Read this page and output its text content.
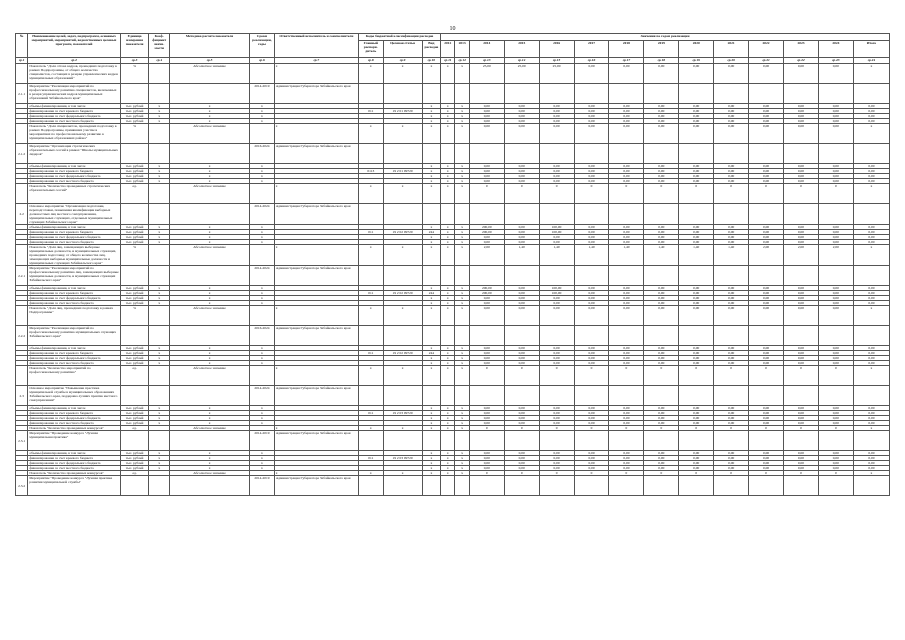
10
№	Наименование целей, задач, подпрограмм, основных мероприятий, мероприятий, ведомственных целевых программ, показателей	Единица измерения показателя	Коэф-фициент значи-мости	Методика расчета показателя	Сроки реализации, годы	Ответственный исполнитель и соисполнители	Коды бюджетной классификации расходов			Значения по годам реализации													
							Главный распоря-дитель	Целевая статья	Вид расходов	2012	2013	2014	2015	2016	2017	2018	2019	2020	2021	2022	2023	2024	Итого
гр.1	гр.2	гр.3	гр.4	гр.5	гр.6	гр.7	гр.8	гр.9	гр.10	гр.11	гр.12	гр.13	гр.14	гр.15	гр.16	гр.17	гр.18	гр.19	гр.20	гр.21	гр.22	гр.23	гр.24
	Показатель "Доля оттока кадров, прошедших подготовку в рамках Подпрограммы, от общего количества специалистов, состоящих в резерве управленческих кадров муниципальных образований"	%		Абсолютное значение		х	х	х	х	х	х	25,00	25,00	25,00	0,00	0,00	0,00	0,00	0,00	0,00	0,00	0,00	х
2.1.1	Мероприятие "Реализация мероприятий по профессиональному развитию специалистов, включенных в резерв управленческих кадров муниципальных образований Забайкальского края"				2014-2019	Администрация Губернатора Забайкальского края																	
	объемы финансирования, в том числе	тыс. рублей	х	х	х				х	х	х	0,00	0,00	0,00	0,00	0,00	0,00	0,00	0,00	0,00	0,00	0,00	0,00
	финансирование за счет краевого бюджета	тыс. рублей	х	х	х		011	19 2 01 09720	х	х	х	0,00	0,00	0,00	0,00	0,00	0,00	0,00	0,00	0,00	0,00	0,00	0,00
	финансирование за счет федерального бюджета	тыс. рублей	х	х	х				х	х	х	0,00	0,00	0,00	0,00	0,00	0,00	0,00	0,00	0,00	0,00	0,00	0,00
	финансирование за счет местного бюджета	тыс. рублей	х	х	х				х	х	х	0,00	0,00	0,00	0,00	0,00	0,00	0,00	0,00	0,00	0,00	0,00	0,00
	Показатель "Доля специалистов, прошедших подготовку в рамках Подпрограммы, принявших участие в мероприятиях по профессиональному развитию в муниципальных образованиях района"	%		Абсолютное значение		х	х	х	х	х	х	0,00	0,00	0,00	0,00	0,00	0,00	0,00	0,00	0,00	0,00	0,00	х
2.1.2	Мероприятие "Организация стратегических образовательных сессий в рамках "Школы муниципальных лидеров"				2016-2024	Администрация Губернатора Забайкальского края																	
	объемы финансирования, в том числе	тыс. рублей	х	х	х				х	х	х	0,00	0,00	0,00	0,00	0,00	0,00	0,00	0,00	0,00	0,00	0,00	0,00
	финансирование за счет краевого бюджета	тыс. рублей	х	х	х		0113	19 2 01 09720	х	х	х	0,00	0,00	0,00	0,00	0,00	0,00	0,00	0,00	0,00	0,00	0,00	0,00
	финансирование за счет федерального бюджета	тыс. рублей	х	х	х				х	х	х	0,00	0,00	0,00	0,00	0,00	0,00	0,00	0,00	0,00	0,00	0,00	0,00
	финансирование за счет местного бюджета	тыс. рублей	х	х	х				х	х	х	0,00	0,00	0,00	0,00	0,00	0,00	0,00	0,00	0,00	0,00	0,00	0,00
	Показатель "Количество проведенных стратегических образовательных сессий"	ед.		Абсолютное значение		х	х	х	х	х	х	0	0	0	0	0	0	0	0	0	0	0	х
2.2	Основное мероприятие "Организация подготовки, переподготовки, повышения квалификации выборных должностных лиц местного самоуправления, муниципальных служащих, отдельных муниципальных служащих Забайкальского края"				2014-2024	Администрация Губернатора Забайкальского края																	
	объемы финансирования, в том числе	тыс. рублей	х	х	х				х	х	х	200,00	0,00	100,00	0,00	0,00	0,00	0,00	0,00	0,00	0,00	0,00	0,00
	финансирование за счет краевого бюджета	тыс. рублей	х	х	х		011	19 2 02 09720	244	х	х	200,00	0,00	100,00	0,00	0,00	0,00	0,00	0,00	0,00	0,00	0,00	0,00
	финансирование за счет федерального бюджета	тыс. рублей	х	х	х				х	х	х	0,00	0,00	0,00	0,00	0,00	0,00	0,00	0,00	0,00	0,00	0,00	0,00
	финансирование за счет местного бюджета	тыс. рублей	х	х	х				х	х	х	0,00	0,00	0,00	0,00	0,00	0,00	0,00	0,00	0,00	0,00	0,00	0,00
	Показатель "Доля лиц, замещающих выборные муниципальные должности, и муниципальных служащих, прошедших подготовку, от общего количества лиц, замещающих выборные муниципальные должности и муниципальных служащих Забайкальского края"	%		Абсолютное значение		х	х	х	х	х	х	2,00	1,40	1,40	1,40	1,40	1,40	1,40	1,40	2,00	2,00	2,00	х
2.2.1	Мероприятие "Реализация мероприятий по профессиональному развитию лиц, замещающих выборные муниципальные должности, и муниципальных служащих Забайкальского края"				2014-2024	Администрация Губернатора Забайкальского края																	
	объемы финансирования, в том числе	тыс. рублей	х	х	х				х	х	х	200,00	0,00	100,00	0,00	0,00	0,00	0,00	0,00	0,00	0,00	0,00	0,00
	финансирование за счет краевого бюджета	тыс. рублей	х	х	х		011	19 2 02 09720	244	х	х	200,00	0,00	100,00	0,00	0,00	0,00	0,00	0,00	0,00	0,00	0,00	0,00
	финансирование за счет федерального бюджета	тыс. рублей	х	х	х				х	х	х	0,00	0,00	0,00	0,00	0,00	0,00	0,00	0,00	0,00	0,00	0,00	0,00
	финансирование за счет местного бюджета	тыс. рублей	х	х	х				х	х	х	0,00	0,00	0,00	0,00	0,00	0,00	0,00	0,00	0,00	0,00	0,00	0,00
	Показатель "Доля лиц, прошедших подготовку в рамках Подпрограммы"	%		Абсолютное значение		х	х	х	х	х	х	0,00	0,00	0,00	0,00	0,00	0,00	0,00	0,00	0,00	0,00	0,00	х
2.2.2	Мероприятие "Реализация мероприятий по профессиональному развитию муниципальных служащих Забайкальского края"				2016-2024	Администрация Губернатора Забайкальского края																	
	объемы финансирования, в том числе	тыс. рублей	х	х	х				х	х	х	0,00	0,00	0,00	0,00	0,00	0,00	0,00	0,00	0,00	0,00	0,00	0,00
	финансирование за счет краевого бюджета	тыс. рублей	х	х	х		011	19 2 02 09720	244	х	х	0,00	0,00	0,00	0,00	0,00	0,00	0,00	0,00	0,00	0,00	0,00	0,00
	финансирование за счет федерального бюджета	тыс. рублей	х	х	х				х	х	х	0,00	0,00	0,00	0,00	0,00	0,00	0,00	0,00	0,00	0,00	0,00	0,00
	финансирование за счет местного бюджета	тыс. рублей	х	х	х				х	х	х	0,00	0,00	0,00	0,00	0,00	0,00	0,00	0,00	0,00	0,00	0,00	0,00
	Показатель "Количество мероприятий по профессиональному развитию"	ед.		Абсолютное значение		х	х	х	х	х	х	0	0	0	0	0	0	0	0	0	0	0	х
2.3	Основное мероприятие "Повышение престижа муниципальной службы в муниципальных образованиях Забайкальского края, поддержка лучших практик местного самоуправления"				2014-2024	Администрация Губернатора Забайкальского края																	
	объемы финансирования, в том числе	тыс. рублей	х	х	х				х	х	х	0,00	0,00	0,00	0,00	0,00	0,00	0,00	0,00	0,00	0,00	0,00	0,00
	финансирование за счет краевого бюджета	тыс. рублей	х	х	х		011	19 2 03 09720	х	х	х	0,00	0,00	0,00	0,00	0,00	0,00	0,00	0,00	0,00	0,00	0,00	0,00
	финансирование за счет федерального бюджета	тыс. рублей	х	х	х				х	х	х	0,00	0,00	0,00	0,00	0,00	0,00	0,00	0,00	0,00	0,00	0,00	0,00
	финансирование за счет местного бюджета	тыс. рублей	х	х	х				х	х	х	0,00	0,00	0,00	0,00	0,00	0,00	0,00	0,00	0,00	0,00	0,00	0,00
	Показатель "Количество проведенных конкурсов"	ед.		Абсолютное значение		х	х	х	х	х	х	0	0	0	0	0	0	0	0	0	0	0	х
2.3.1	Мероприятие "Проведение конкурса "Лучшая муниципальная практика"				2014-2019	Администрация Губернатора Забайкальского края																	
	объемы финансирования, в том числе	тыс. рублей	х	х	х				х	х	х	0,00	0,00	0,00	0,00	0,00	0,00	0,00	0,00	0,00	0,00	0,00	0,00
	финансирование за счет краевого бюджета	тыс. рублей	х	х	х		011	19 2 03 09720	х	х	х	0,00	0,00	0,00	0,00	0,00	0,00	0,00	0,00	0,00	0,00	0,00	0,00
	финансирование за счет федерального бюджета	тыс. рублей	х	х	х				х	х	х	0,00	0,00	0,00	0,00	0,00	0,00	0,00	0,00	0,00	0,00	0,00	0,00
	финансирование за счет местного бюджета	тыс. рублей	х	х	х				х	х	х	0,00	0,00	0,00	0,00	0,00	0,00	0,00	0,00	0,00	0,00	0,00	0,00
	Показатель "Количество проведенных конкурсов"	ед.		Абсолютное значение		х	х	х	х	х	х	0	0	0	0	0	0	0	0	0	0	0	х
2.3.2	Мероприятие "Проведение конкурса "Лучшая практика развития муниципальной службы"				2014-2019	Администрация Губернатора Забайкальского края																	
